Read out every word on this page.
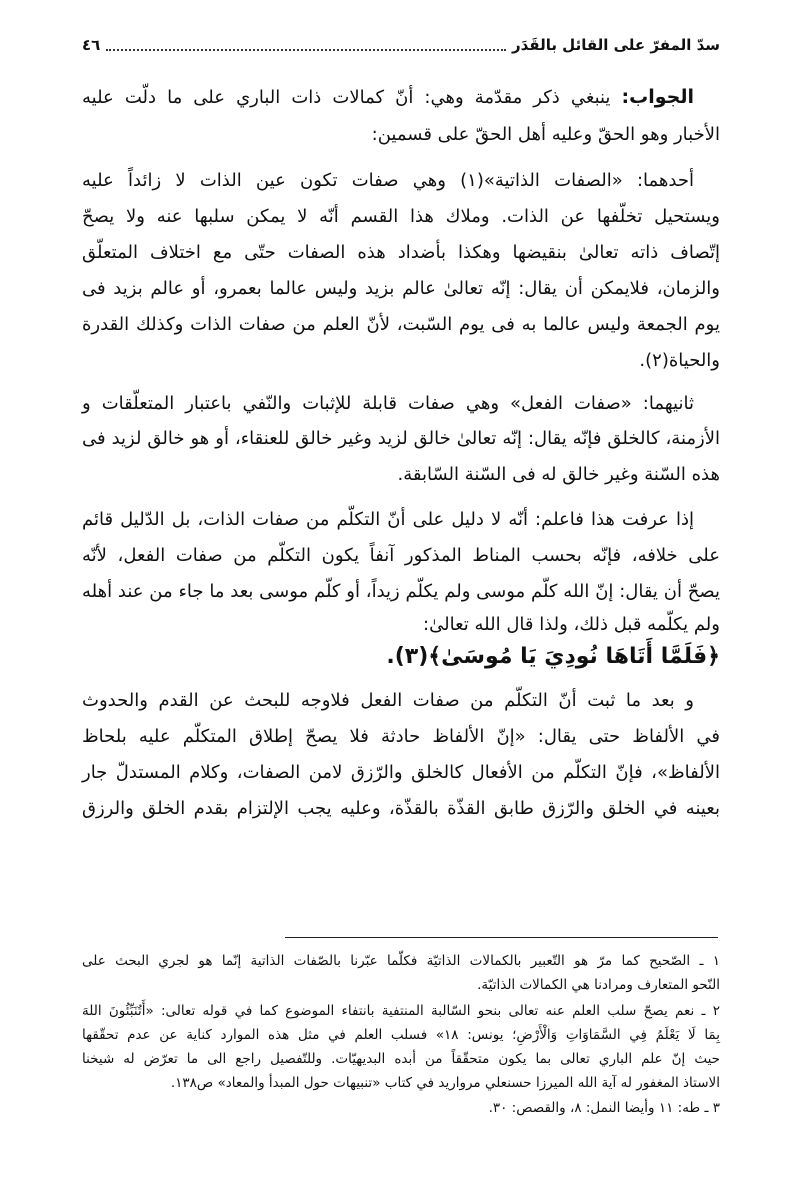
سدّ المفرّ على القائل بالقَدَر
٤٦
الجواب: ينبغي ذكر مقدّمة وهي: أنّ كمالات ذات الباري على ما دلّت عليه
الأخبار وهو الحقّ وعليه أهل الحقّ على قسمين:
أحدهما: «الصفات الذاتية»(١) وهي صفات تكون عين الذات لا زائداً عليه
ويستحيل تخلّفها عن الذات. وملاك هذا القسم أنّه لا يمكن سلبها عنه ولا يصحّ
إتّصاف ذاته تعالىٰ بنقيضها وهكذا بأضداد هذه الصفات حتّى مع اختلاف المتعلّق
والزمان، فلايمكن أن يقال: إنّه تعالىٰ عالم بزيد وليس عالما بعمرو، أو عالم بزيد فى
يوم الجمعة وليس عالما به فى يوم السّبت، لأنّ العلم من صفات الذات وكذلك القدرة
والحياة(٢).
ثانيهما: «صفات الفعل» وهي صفات قابلة للإثبات والنّفي باعتبار المتعلّقات و
الأزمنة، كالخلق فإنّه يقال: إنّه تعالىٰ خالق لزيد وغير خالق للعنقاء، أو هو خالق لزيد فى
هذه السّنة وغير خالق له فى السّنة السّابقة.
إذا عرفت هذا فاعلم: أنّه لا دليل على أنّ التكلّم من صفات الذات، بل الدّليل قائم
على خلافه، فإنّه بحسب المناط المذكور آنفاً يكون التكلّم من صفات الفعل، لأنّه
يصحّ أن يقال: إنّ الله كلّم موسى ولم يكلّم زيداً، أو كلّم موسى بعد ما جاء من عند أهله
ولم يكلّمه قبل ذلك، ولذا قال الله تعالىٰ:
﴿فَلَمَّا أَتَاهَا نُودِيَ يَا مُوسَىٰ﴾(٣).
و بعد ما ثبت أنّ التكلّم من صفات الفعل فلاوجه للبحث عن القدم والحدوث
في الألفاظ حتى يقال: «إنّ الألفاظ حادثة فلا يصحّ إطلاق المتكلّم عليه بلحاظ
الألفاظ»، فإنّ التكلّم من الأفعال كالخلق والرّزق لامن الصفات، وكلام المستدلّ جار
بعينه في الخلق والرّزق طابق القذّة بالقذّة، وعليه يجب الإلتزام بقدم الخلق والرزق
١ ـ الصّحيح كما مرّ هو التّعبير بالكمالات الذاتيّة فكلّما عبّرنا بالصّفات الذاتية إنّما هو لجري البحث على
النّحو المتعارف ومرادنا هي الكمالات الذاتيّة.
٢ ـ نعم يصحّ سلب العلم عنه تعالى بنحو السّالبة المنتفية بانتفاء الموضوع كما في قوله تعالى: «أَتُنَبِّئُونَ اللهَ
بِمَا لَا يَعْلَمُ فِي السَّمَاوَاتِ وَالْأَرْضِ؛ يونس: ١٨» فسلب العلم في مثل هذه الموارد كناية عن عدم تحقّقها
حيث إنّ علم الباري تعالى بما يكون متحقّقاً من أبده البديهيّات. وللتّفصيل راجع الى ما تعرّض له شيخنا
الاستاذ المغفور له آية الله الميرزا حسنعلي مرواريد في كتاب «تنبيهات حول المبدأ والمعاد» ص١٣٨.
٣ ـ طه: ١١ وأيضا النمل: ٨، والقصص: ٣٠.
